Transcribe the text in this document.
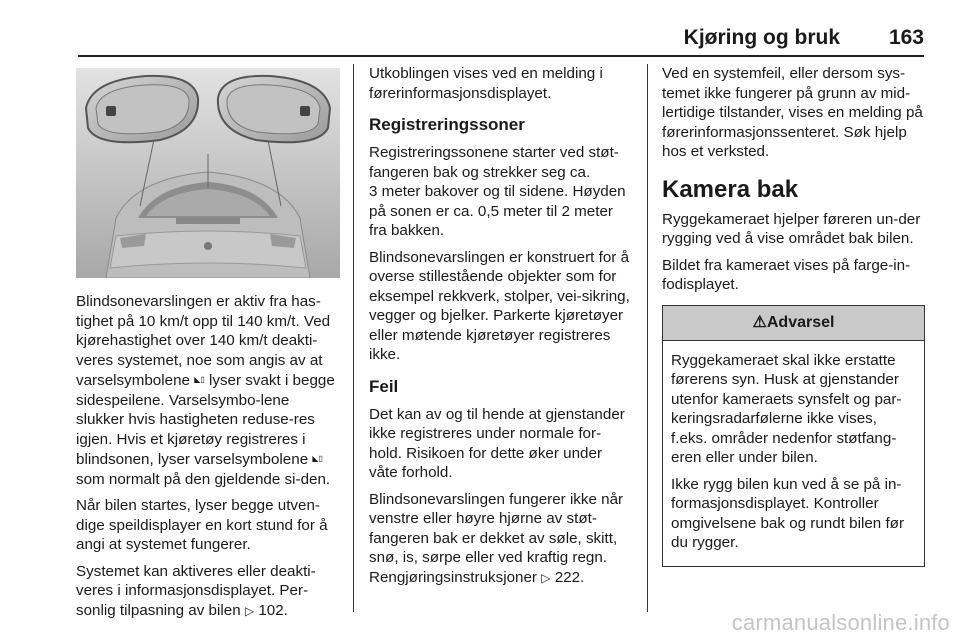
Kjøring og bruk 163

Blindsonevarslingen er aktiv fra has-tighet på 10 km/t opp til 140 km/t. Ved kjørehastighet over 140 km/t deakti-veres systemet, noe som angis av at varselsymbolene ◣▯ lyser svakt i begge sidespeilene. Varselsymbo-lene slukker hvis hastigheten reduse-res igjen. Hvis et kjøretøy registreres i blindsonen, lyser varselsymbolene ◣▯ som normalt på den gjeldende si-den.

Når bilen startes, lyser begge utven-dige speildisplayer en kort stund for å angi at systemet fungerer.

Systemet kan aktiveres eller deakti-veres i informasjonsdisplayet. Per-sonlig tilpasning av bilen ▷ 102.

Utkoblingen vises ved en melding i førerinformasjonsdisplayet.

Registreringssoner

Registreringssonene starter ved støt-fangeren bak og strekker seg ca.
3 meter bakover og til sidene. Høyden på sonen er ca. 0,5 meter til 2 meter fra bakken.

Blindsonevarslingen er konstruert for å overse stillestående objekter som for eksempel rekkverk, stolper, vei-sikring, vegger og bjelker. Parkerte kjøretøyer eller møtende kjøretøyer registreres ikke.

Feil

Det kan av og til hende at gjenstander ikke registreres under normale for-hold. Risikoen for dette øker under våte forhold.

Blindsonevarslingen fungerer ikke når venstre eller høyre hjørne av støt-fangeren bak er dekket av søle, skitt, snø, is, sørpe eller ved kraftig regn. Rengjøringsinstruksjoner ▷ 222.

Ved en systemfeil, eller dersom sys-temet ikke fungerer på grunn av mid-lertidige tilstander, vises en melding på førerinformasjonssenteret. Søk hjelp hos et verksted.

Kamera bak

Ryggekameraet hjelper føreren un-der rygging ved å vise området bak bilen.

Bildet fra kameraet vises på farge-in-fodisplayet.

⚠Advarsel

Ryggekameraet skal ikke erstatte førerens syn. Husk at gjenstander utenfor kameraets synsfelt og par-keringsradarfølerne ikke vises, f.eks. områder nedenfor støtfang-eren eller under bilen.

Ikke rygg bilen kun ved å se på in-formasjonsdisplayet. Kontroller omgivelsene bak og rundt bilen før du rygger.

carmanualsonline.info
